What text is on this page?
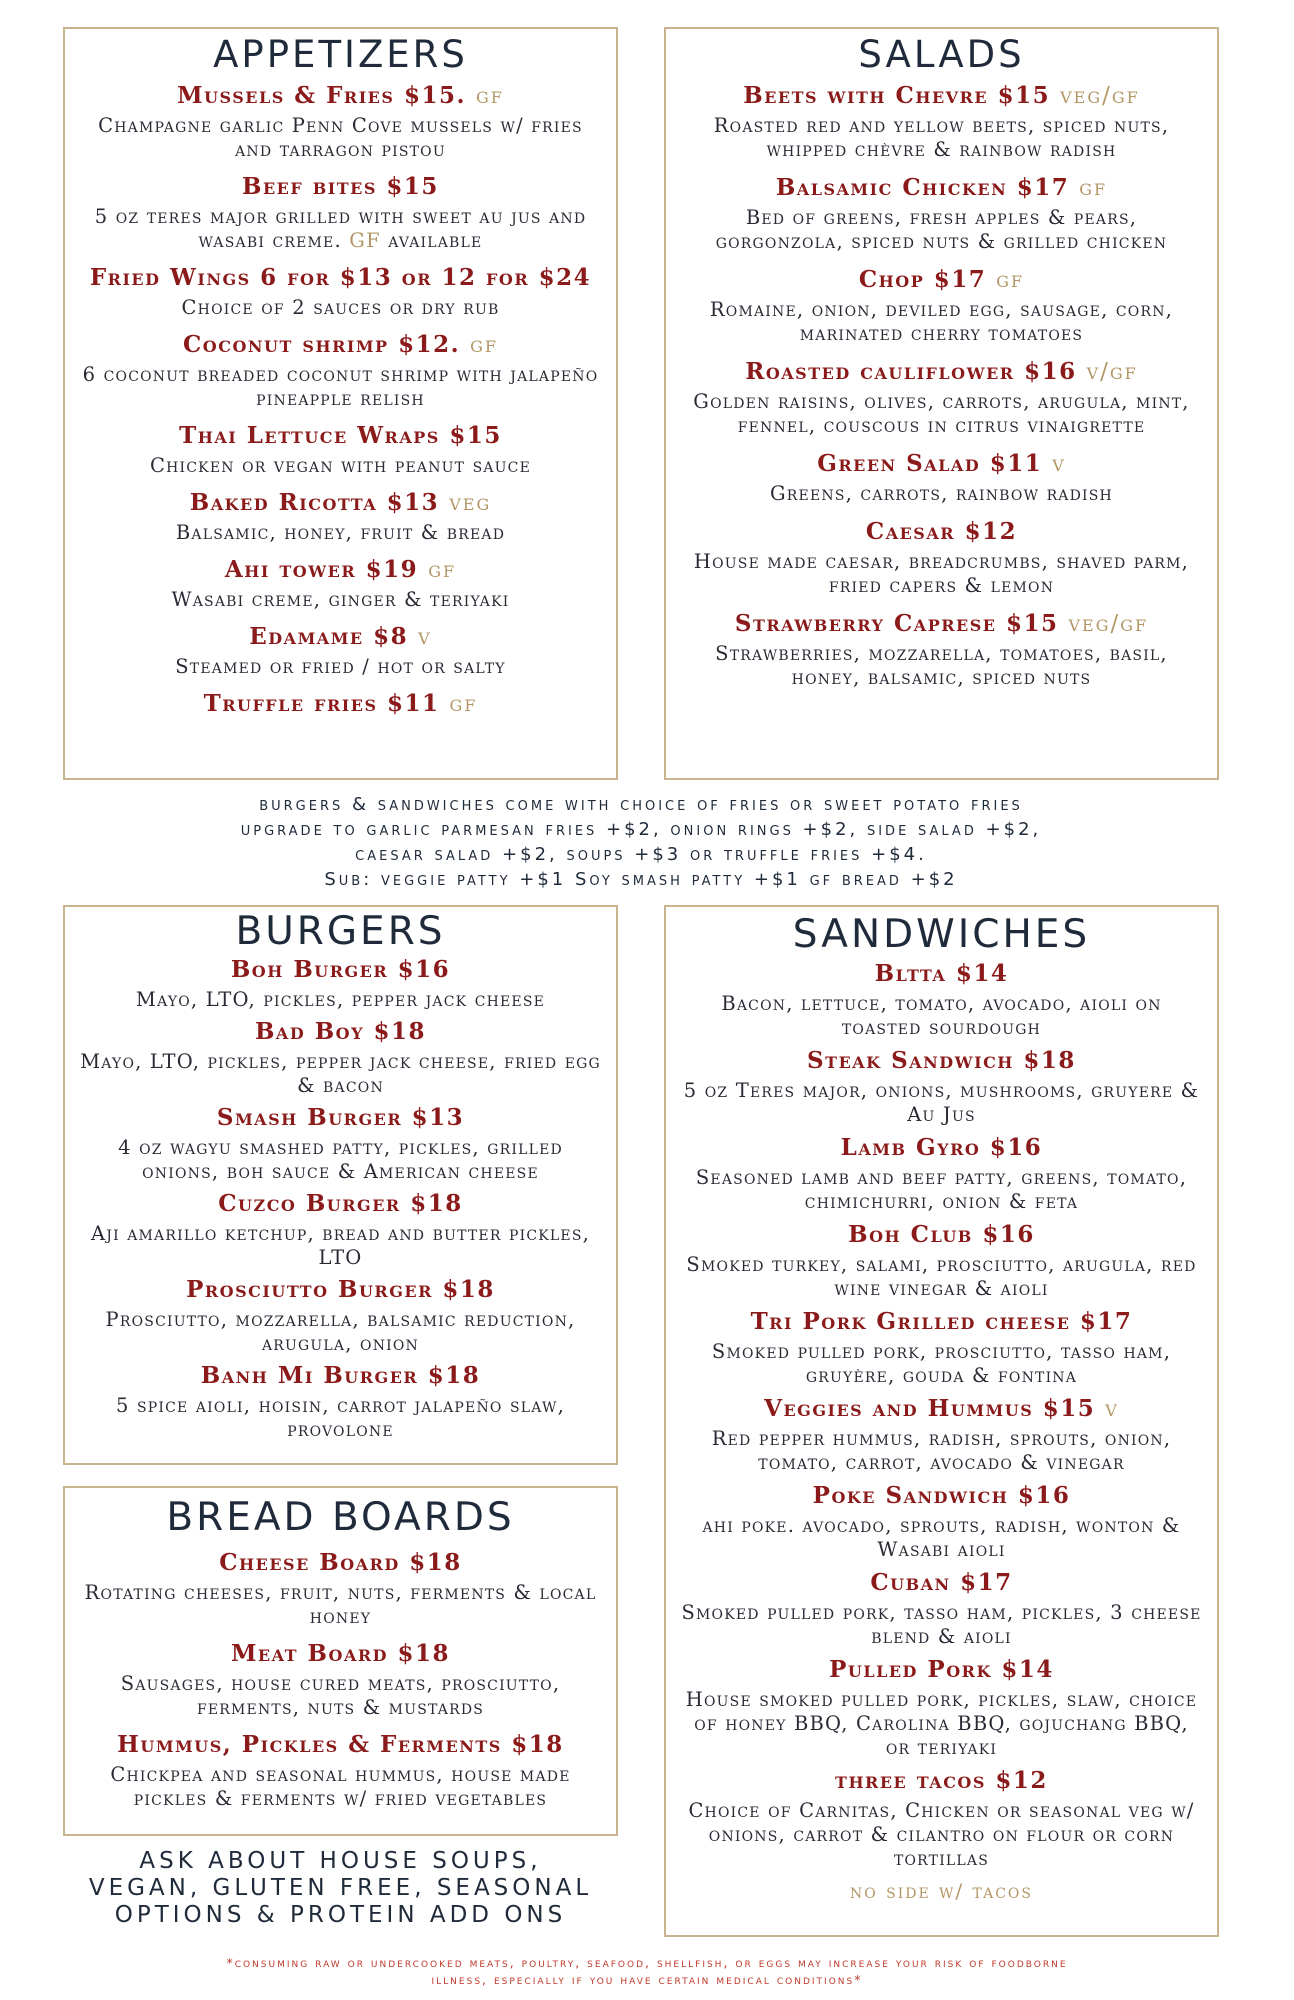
APPETIZERS
Mussels & Fries $15. gf
Champagne garlic Penn Cove mussels w/ fries and tarragon pistou
Beef bites $15
5 oz teres major grilled with sweet au jus and wasabi creme. GF available
Fried Wings 6 for $13 or 12 for $24
Choice of 2 sauces or dry rub
Coconut shrimp $12. gf
6 coconut breaded coconut shrimp with jalapeño pineapple relish
Thai Lettuce Wraps $15
Chicken or vegan with peanut sauce
Baked Ricotta $13 veg
Balsamic, honey, fruit & bread
Ahi tower $19 gf
Wasabi creme, ginger & teriyaki
Edamame $8 v
Steamed or fried / hot or salty
Truffle fries $11 gf
SALADS
Beets with Chevre $15 veg/gf
Roasted red and yellow beets, spiced nuts, whipped chèvre & rainbow radish
Balsamic Chicken $17 gf
Bed of greens, fresh apples & pears, gorgonzola, spiced nuts & grilled chicken
Chop $17 gf
Romaine, onion, deviled egg, sausage, corn, marinated cherry tomatoes
Roasted cauliflower $16 v/gf
Golden raisins, olives, carrots, arugula, mint, fennel, couscous in citrus vinaigrette
Green Salad $11 v
Greens, carrots, rainbow radish
Caesar $12
House made caesar, breadcrumbs, shaved parm, fried capers & lemon
Strawberry Caprese $15 veg/gf
Strawberries, mozzarella, tomatoes, basil, honey, balsamic, spiced nuts
burgers & sandwiches come with choice of fries or sweet potato fries
upgrade to garlic parmesan fries +$2, onion rings +$2, side salad +$2,
caesar salad +$2, soups +$3 or truffle fries +$4.
Sub: veggie patty +$1 Soy smash patty +$1 gf bread +$2
BURGERS
Boh Burger $16
Mayo, LTO, pickles, pepper jack cheese
Bad Boy $18
Mayo, LTO, pickles, pepper jack cheese, fried egg & bacon
Smash Burger $13
4 oz wagyu smashed patty, pickles, grilled onions, boh sauce & American cheese
Cuzco Burger $18
Aji amarillo ketchup, bread and butter pickles, LTO
Prosciutto Burger $18
Prosciutto, mozzarella, balsamic reduction, arugula, onion
Banh Mi Burger $18
5 spice aioli, hoisin, carrot jalapeño slaw, provolone
BREAD BOARDS
Cheese Board $18
Rotating cheeses, fruit, nuts, ferments & local honey
Meat Board $18
Sausages, house cured meats, prosciutto, ferments, nuts & mustards
Hummus, Pickles & Ferments $18
Chickpea and seasonal hummus, house made pickles & ferments w/ fried vegetables
SANDWICHES
Bltta $14
Bacon, lettuce, tomato, avocado, aioli on toasted sourdough
Steak Sandwich $18
5 oz Teres major, onions, mushrooms, gruyere & Au Jus
Lamb Gyro $16
Seasoned lamb and beef patty, greens, tomato, chimichurri, onion & feta
Boh Club $16
Smoked turkey, salami, prosciutto, arugula, red wine vinegar & aioli
Tri Pork Grilled cheese $17
Smoked pulled pork, prosciutto, tasso ham, gruyère, gouda & fontina
Veggies and Hummus $15 v
Red pepper hummus, radish, sprouts, onion, tomato, carrot, avocado & vinegar
Poke Sandwich $16
ahi poke. avocado, sprouts, radish, wonton & Wasabi aioli
Cuban $17
Smoked pulled pork, tasso ham, pickles, 3 cheese blend & aioli
Pulled Pork $14
House smoked pulled pork, pickles, slaw, choice of honey BBQ, Carolina BBQ, gojuchang BBQ, or teriyaki
three tacos $12
Choice of Carnitas, Chicken or seasonal veg w/ onions, carrot & cilantro on flour or corn tortillas
no side w/ tacos
ASK ABOUT HOUSE SOUPS,
VEGAN, GLUTEN FREE, SEASONAL
OPTIONS & PROTEIN ADD ONS
*consuming raw or undercooked meats, poultry, seafood, shellfish, or eggs may increase your risk of foodborne
illness, especially if you have certain medical conditions*
